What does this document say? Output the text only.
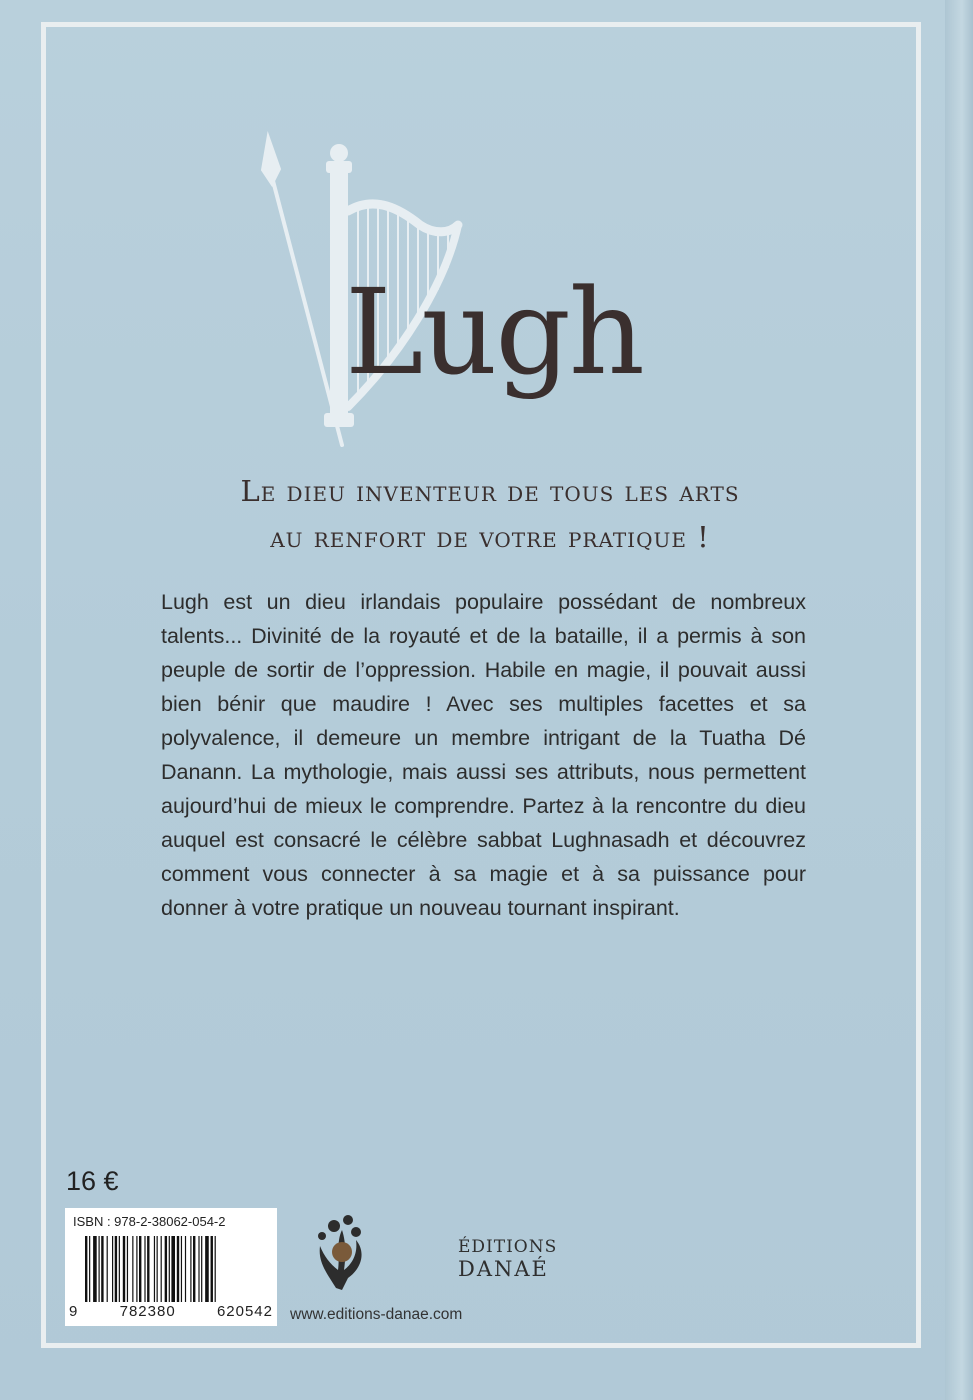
Lugh
Le dieu inventeur de tous les arts
au renfort de votre pratique !

Lugh est un dieu irlandais populaire possédant de nombreux talents... Divinité de la royauté et de la bataille, il a permis à son peuple de sortir de l’oppression. Habile en magie, il pouvait aussi bien bénir que maudire ! Avec ses multiples facettes et sa polyvalence, il demeure un membre intrigant de la Tuatha Dé Danann. La mythologie, mais aussi ses attributs, nous permettent aujourd’hui de mieux le comprendre. Partez à la rencontre du dieu auquel est consacré le célèbre sabbat Lughnasadh et découvrez comment vous connecter à sa magie et à sa puissance pour donner à votre pratique un nouveau tournant inspirant.

16 €
ISBN : 978-2-38062-054-2
9	782380	620542
ÉDITIONS
DANAÉ
www.editions-danae.com
